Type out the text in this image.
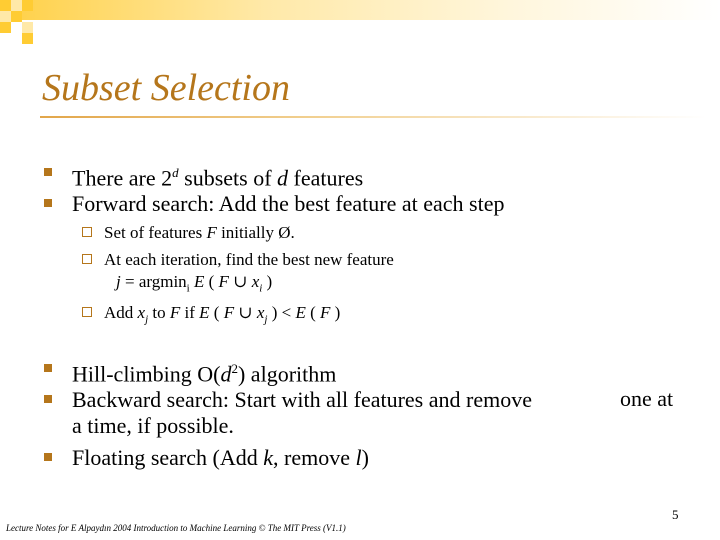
Subset Selection
There are 2$^d$ subsets of d features
Forward search: Add the best feature at each step
Set of features F initially Ø.
At each iteration, find the best new feature
j = argmin$_i$ E ( F ∪ $x_i$ )
Add $x_j$ to F if E ( F ∪ $x_j$ ) < E ( F )
Hill-climbing $O(d^2)$ algorithm
Backward search: Start with all features and remove	one at
a time, if possible.
Floating search (Add k, remove l)
5
Lecture Notes for E Alpaydın 2004 Introduction to Machine Learning © The MIT Press (V1.1)
